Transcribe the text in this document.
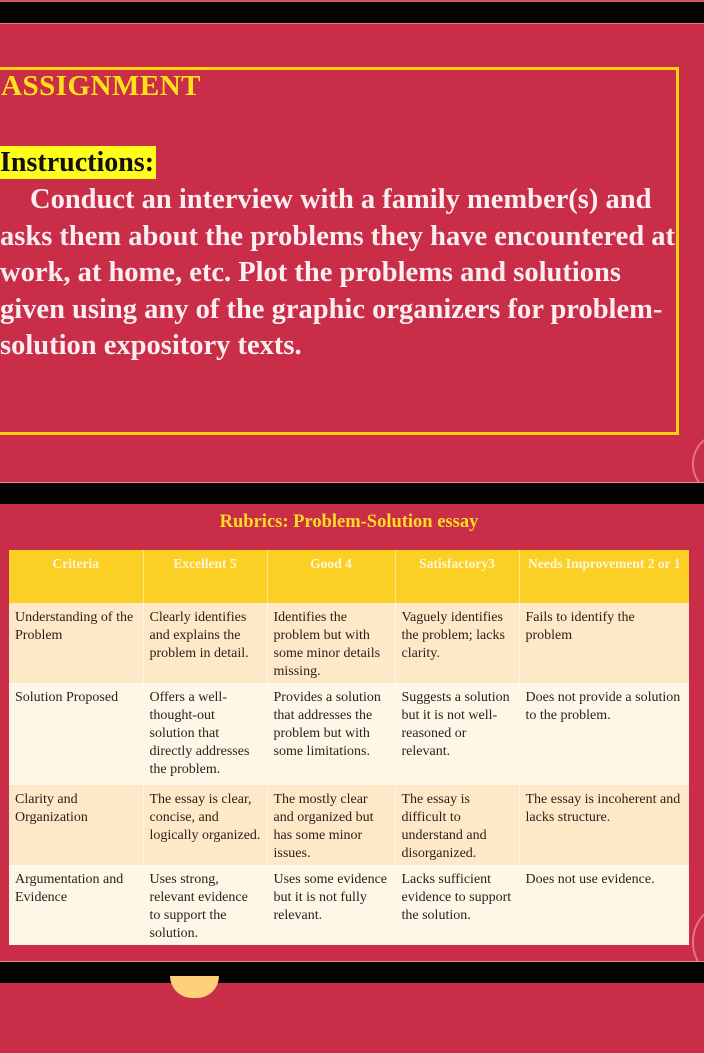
ASSIGNMENT
Instructions:
Conduct an interview with a family member(s) and asks them about the problems they have encountered at work, at home, etc. Plot the problems and solutions given using any of the graphic organizers for problem-solution expository texts.
Rubrics: Problem-Solution essay
Criteria	Excellent 5	Good 4	Satisfactory3	Needs Improvement 2 or 1
Understanding of the Problem	Clearly identifies and explains the problem in detail.	Identifies the problem but with some minor details missing.	Vaguely identifies the problem; lacks clarity.	Fails to identify the problem
Solution Proposed	Offers a well-thought-out solution that directly addresses the problem.	Provides a solution that addresses the problem but with some limitations.	Suggests a solution but it is not well-reasoned or relevant.	Does not provide a solution to the problem.
Clarity and Organization	The essay is clear, concise, and logically organized.	The mostly clear and organized but has some minor issues.	The essay is difficult to understand and disorganized.	The essay is incoherent and lacks structure.
Argumentation and Evidence	Uses strong, relevant evidence to support the solution.	Uses some evidence but it is not fully relevant.	Lacks sufficient evidence to support the solution.	Does not use evidence.
